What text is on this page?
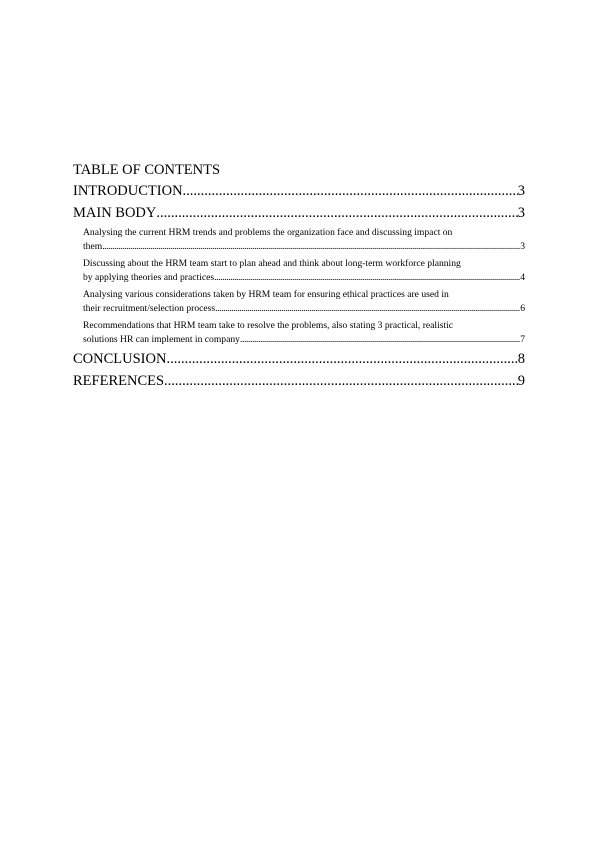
TABLE OF CONTENTS
INTRODUCTION .....	3
MAIN BODY .....	3
Analysing the current HRM trends and problems the organization face and discussing impact on
them .....	3
Discussing about the HRM team start to plan ahead and think about long-term workforce planning
by applying theories and practices .....	4
Analysing various considerations taken by HRM team for ensuring ethical practices are used in
their recruitment/selection process .....	6
Recommendations that HRM team take to resolve the problems, also stating 3 practical, realistic
solutions HR can implement in company .....	7
CONCLUSION .....	8
REFERENCES .....	9
